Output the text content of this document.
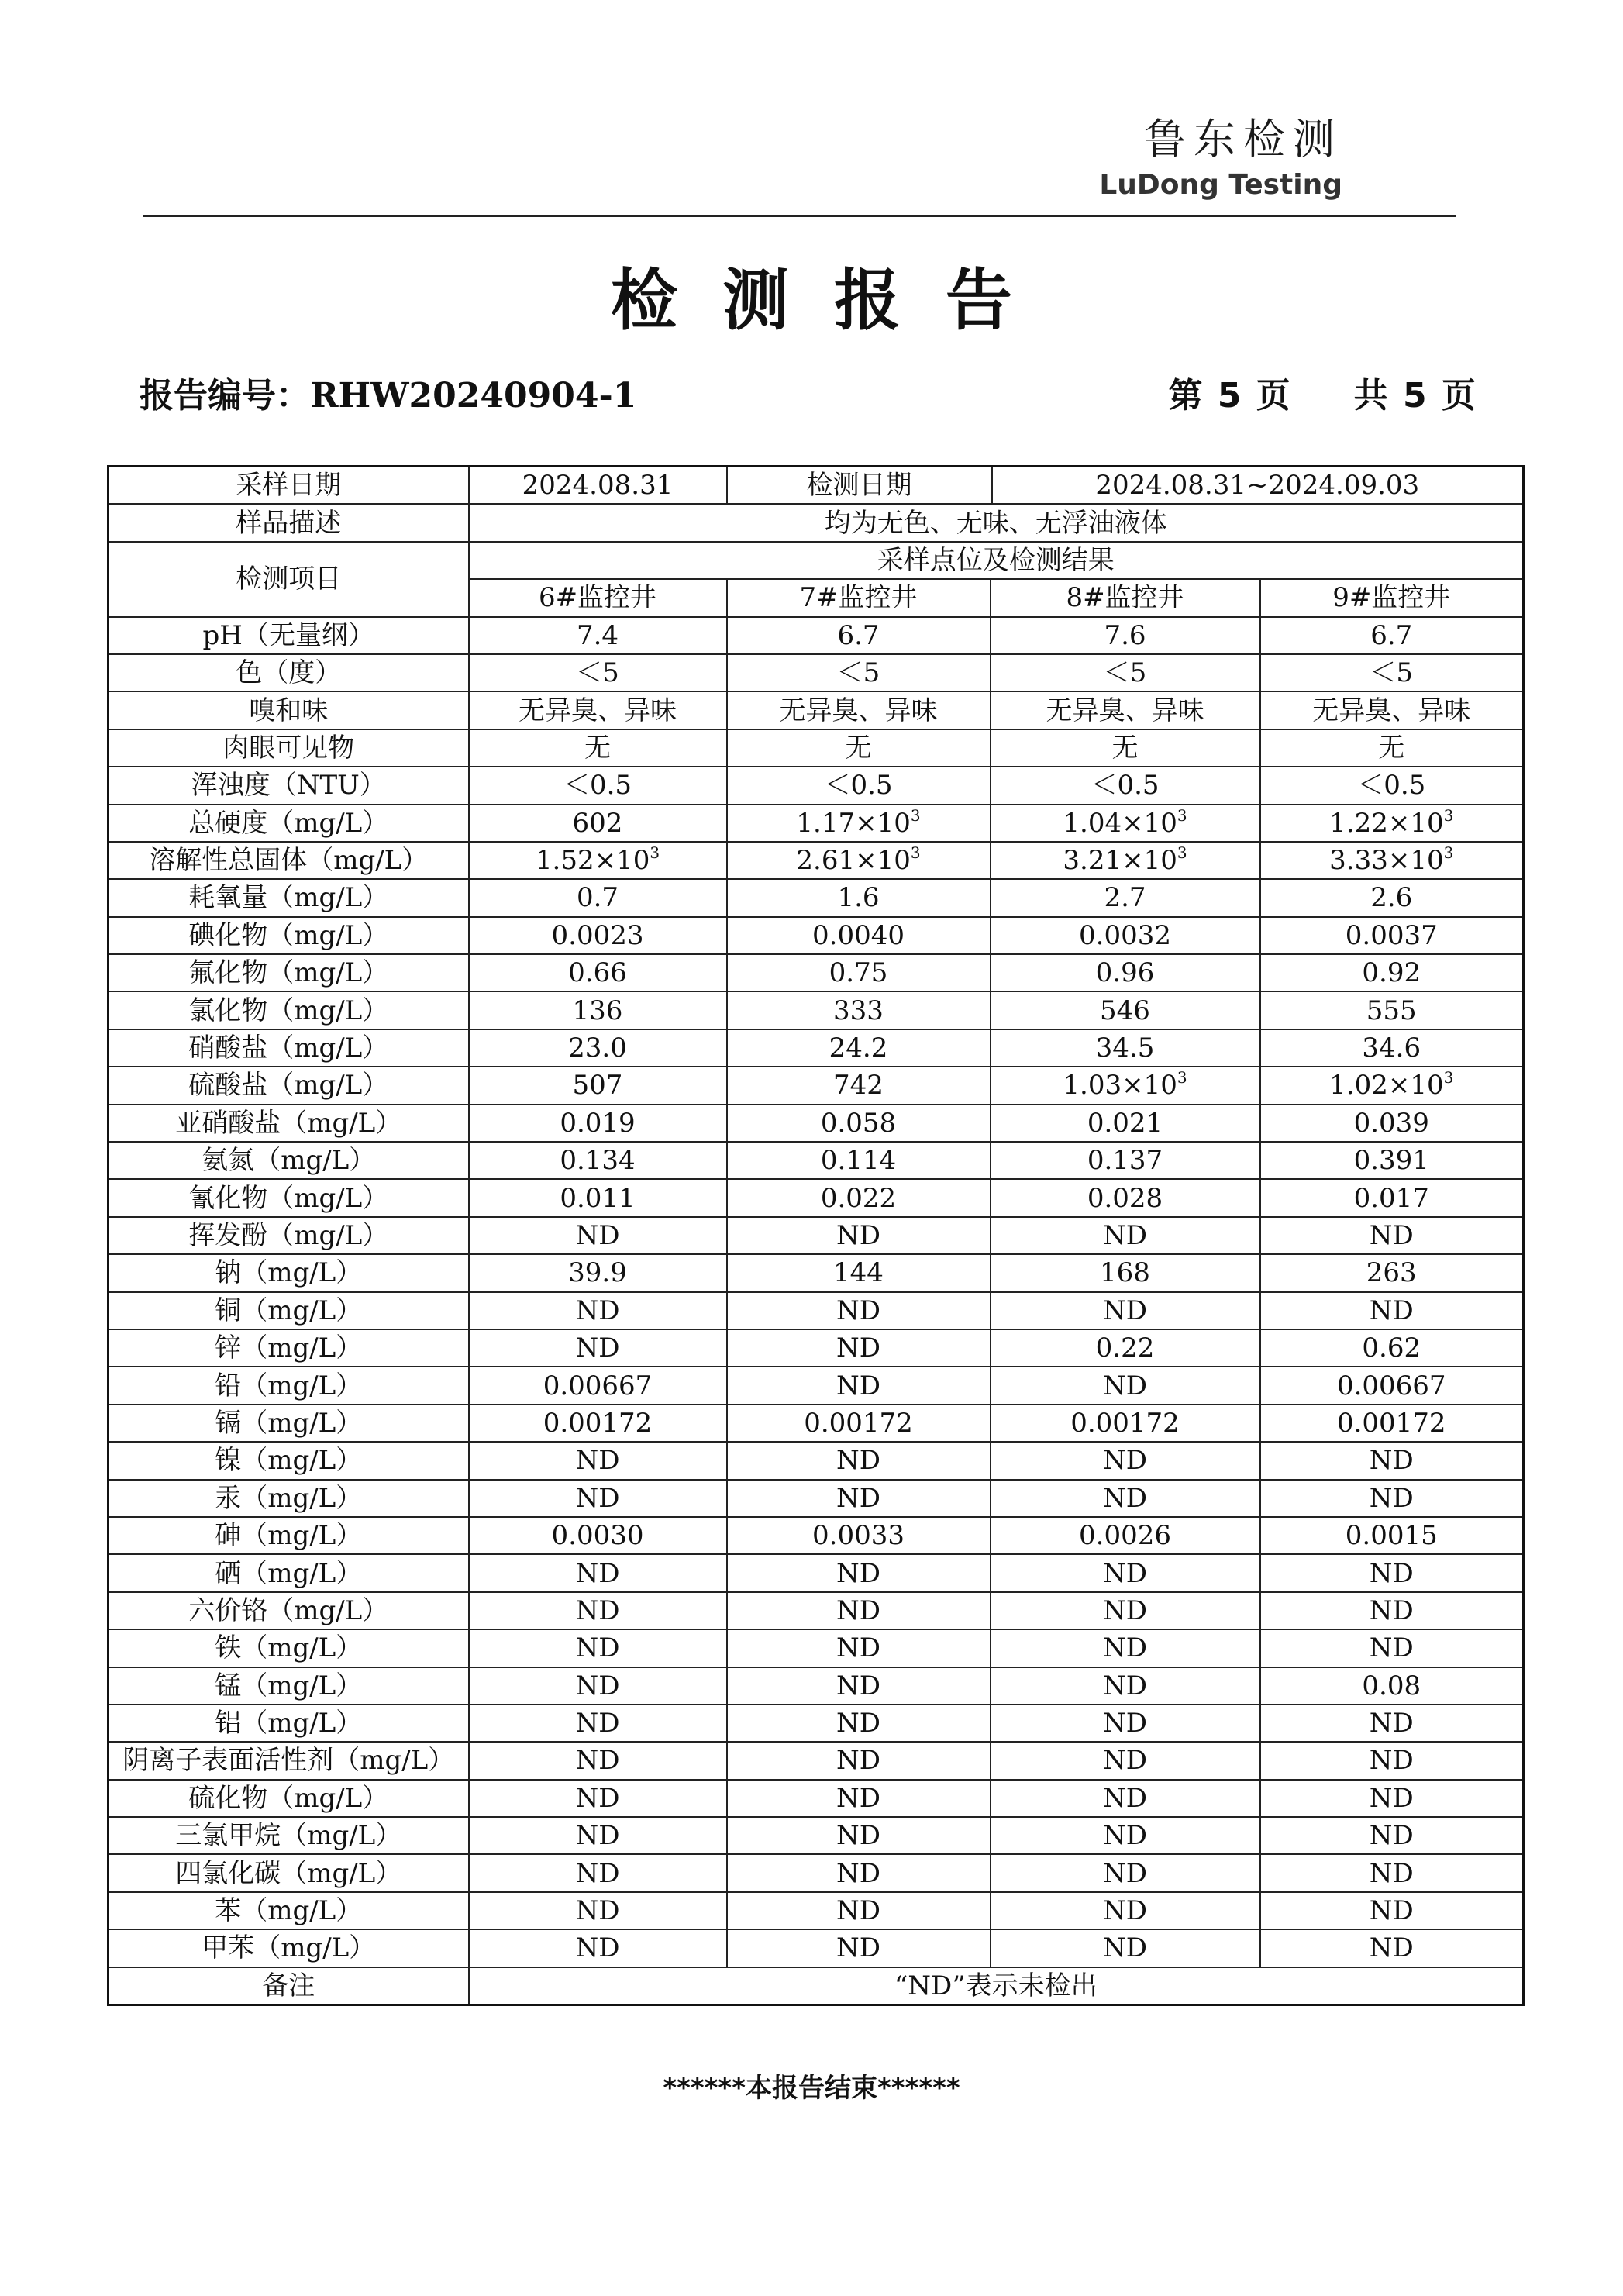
鲁东检测
LuDong Testing
检测报告
报告编号：RHW20240904-1	第 5 页 共 5 页
采样日期	2024.08.31	检测日期 2024.08.31~2024.09.03		

样品描述	均为无色、无味、无浮油液体			
检测项目	采样点位及检测结果			
	6#监控井	7#监控井	8#监控井	9#监控井
pH（无量纲）	7.4	6.7	7.6	6.7
色（度）	＜5	＜5	＜5	＜5
嗅和味	无异臭、异味	无异臭、异味	无异臭、异味	无异臭、异味
肉眼可见物	无	无	无	无
浑浊度（NTU）	＜0.5	＜0.5	＜0.5	＜0.5
总硬度（mg/L）	602	$1.17\times 10^3$	$1.04\times 10^3$	$1.22\times 10^3$
溶解性总固体（mg/L）	$1.52\times 10^3$	$2.61\times 10^3$	$3.21\times 10^3$	$3.33\times 10^3$
耗氧量（mg/L）	0.7	1.6	2.7	2.6
碘化物（mg/L）	0.0023	0.0040	0.0032	0.0037
氟化物（mg/L）	0.66	0.75	0.96	0.92
氯化物（mg/L）	136	333	546	555
硝酸盐（mg/L）	23.0	24.2	34.5	34.6
硫酸盐（mg/L）	507	742	$1.03\times 10^3$	$1.02\times 10^3$
亚硝酸盐（mg/L）	0.019	0.058	0.021	0.039
氨氮（mg/L）	0.134	0.114	0.137	0.391
氰化物（mg/L）	0.011	0.022	0.028	0.017
挥发酚（mg/L）	ND	ND	ND	ND
钠（mg/L）	39.9	144	168	263
铜（mg/L）	ND	ND	ND	ND
锌（mg/L）	ND	ND	0.22	0.62
铅（mg/L）	0.00667	ND	ND	0.00667
镉（mg/L）	0.00172	0.00172	0.00172	0.00172
镍（mg/L）	ND	ND	ND	ND
汞（mg/L）	ND	ND	ND	ND
砷（mg/L）	0.0030	0.0033	0.0026	0.0015
硒（mg/L）	ND	ND	ND	ND
六价铬（mg/L）	ND	ND	ND	ND
铁（mg/L）	ND	ND	ND	ND
锰（mg/L）	ND	ND	ND	0.08
铝（mg/L）	ND	ND	ND	ND
阴离子表面活性剂（mg/L）	ND	ND	ND	ND
硫化物（mg/L）	ND	ND	ND	ND
三氯甲烷（mg/L）	ND	ND	ND	ND
四氯化碳（mg/L）	ND	ND	ND	ND
苯（mg/L）	ND	ND	ND	ND
甲苯（mg/L）	ND	ND	ND	ND
备注	“ND”表示未检出			
******本报告结束******
